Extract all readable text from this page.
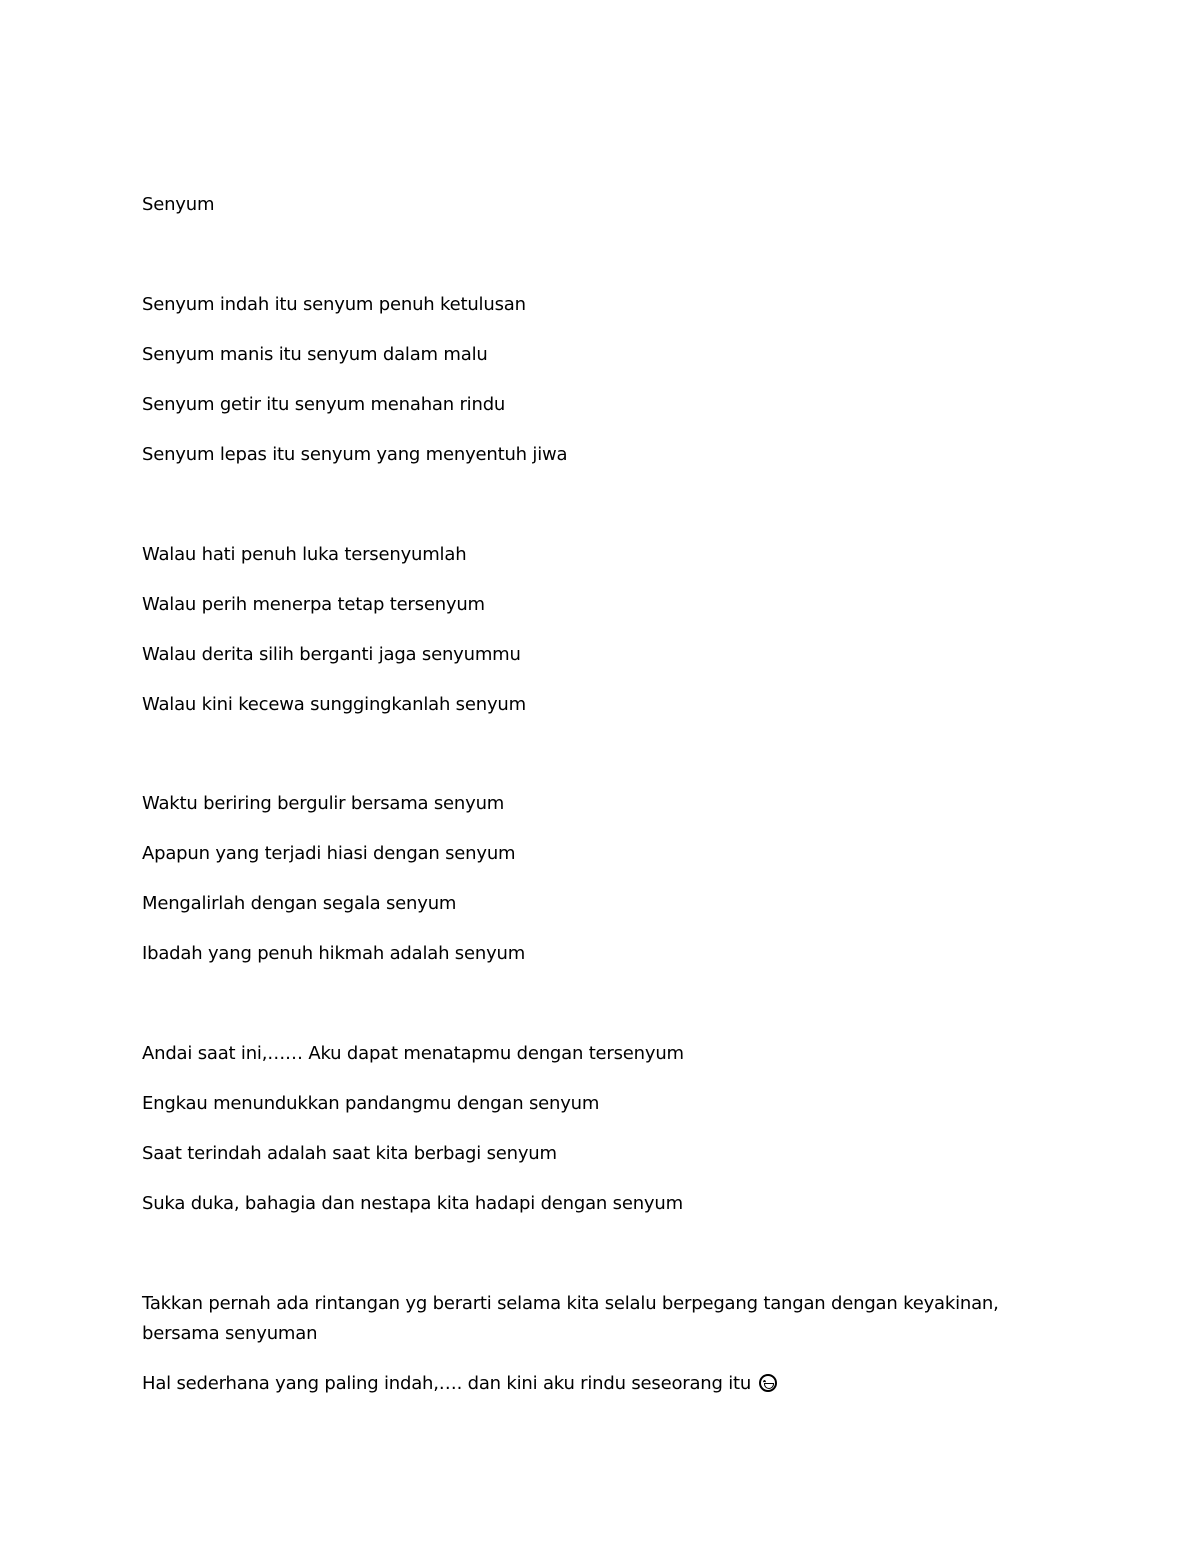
Senyum
Senyum indah itu senyum penuh ketulusan
Senyum manis itu senyum dalam malu
Senyum getir itu senyum menahan rindu
Senyum lepas itu senyum yang menyentuh jiwa
Walau hati penuh luka tersenyumlah
Walau perih menerpa tetap tersenyum
Walau derita silih berganti jaga senyummu
Walau kini kecewa sunggingkanlah senyum
Waktu beriring bergulir bersama senyum
Apapun yang terjadi hiasi dengan senyum
Mengalirlah dengan segala senyum
Ibadah yang penuh hikmah adalah senyum
Andai saat ini,…… Aku dapat menatapmu dengan tersenyum
Engkau menundukkan pandangmu dengan senyum
Saat terindah adalah saat kita berbagi senyum
Suka duka, bahagia dan nestapa kita hadapi dengan senyum
Takkan pernah ada rintangan yg berarti selama kita selalu berpegang tangan dengan keyakinan, bersama senyuman
Hal sederhana yang paling indah,…. dan kini aku rindu seseorang itu
